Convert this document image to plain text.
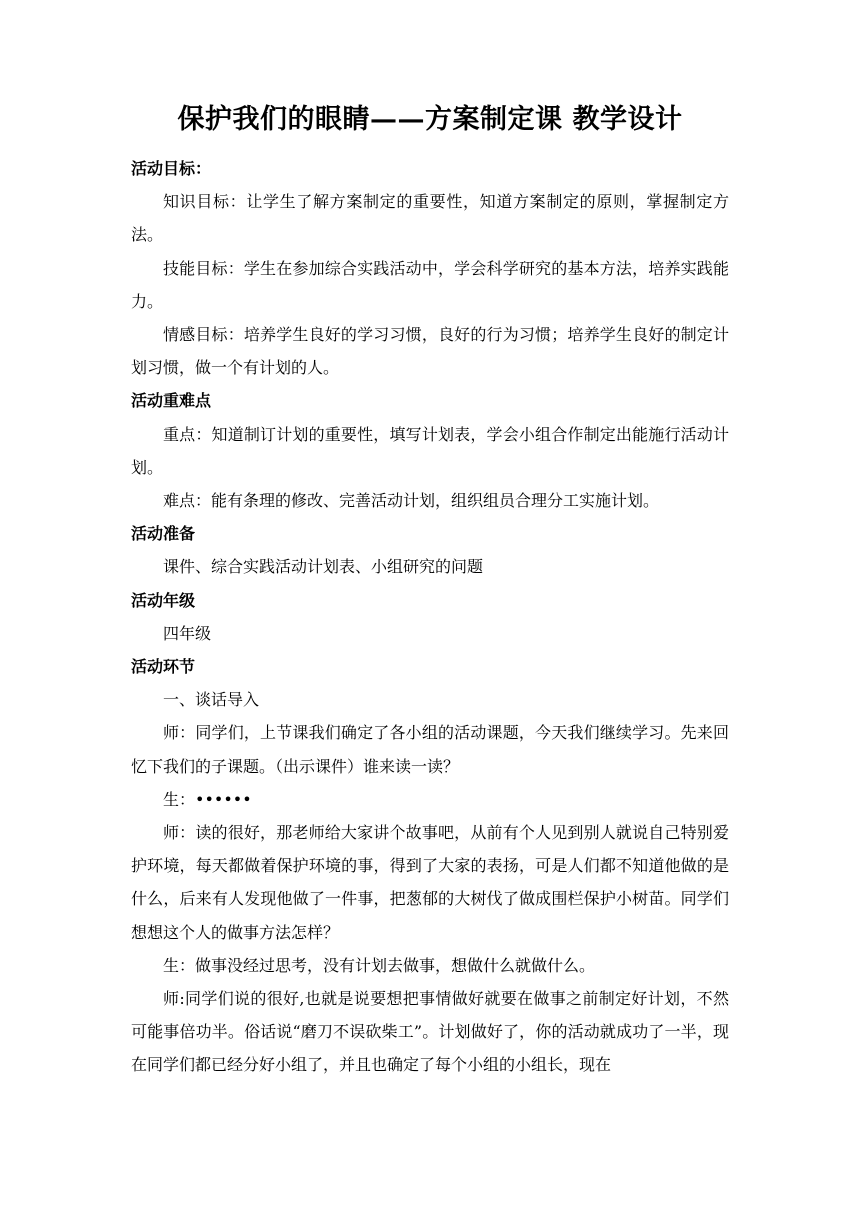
保护我们的眼睛——方案制定课 教学设计

活动目标：

知识目标：让学生了解方案制定的重要性，知道方案制定的原则，掌握制定方法。

技能目标：学生在参加综合实践活动中，学会科学研究的基本方法，培养实践能力。

情感目标：培养学生良好的学习习惯，良好的行为习惯；培养学生良好的制定计划习惯，做一个有计划的人。

活动重难点

重点：知道制订计划的重要性，填写计划表，学会小组合作制定出能施行活动计划。

难点：能有条理的修改、完善活动计划，组织组员合理分工实施计划。

活动准备

课件、综合实践活动计划表、小组研究的问题

活动年级

四年级

活动环节

一、谈话导入

师：同学们，上节课我们确定了各小组的活动课题，今天我们继续学习。先来回忆下我们的子课题。（出示课件）谁来读一读？

生：••••••

师：读的很好，那老师给大家讲个故事吧，从前有个人见到别人就说自己特别爱护环境，每天都做着保护环境的事，得到了大家的表扬，可是人们都不知道他做的是什么，后来有人发现他做了一件事，把葱郁的大树伐了做成围栏保护小树苗。同学们想想这个人的做事方法怎样？

生：做事没经过思考，没有计划去做事，想做什么就做什么。

师:同学们说的很好,也就是说要想把事情做好就要在做事之前制定好计划，不然可能事倍功半。俗话说“磨刀不误砍柴工”。计划做好了，你的活动就成功了一半，现在同学们都已经分好小组了，并且也确定了每个小组的小组长，现在
